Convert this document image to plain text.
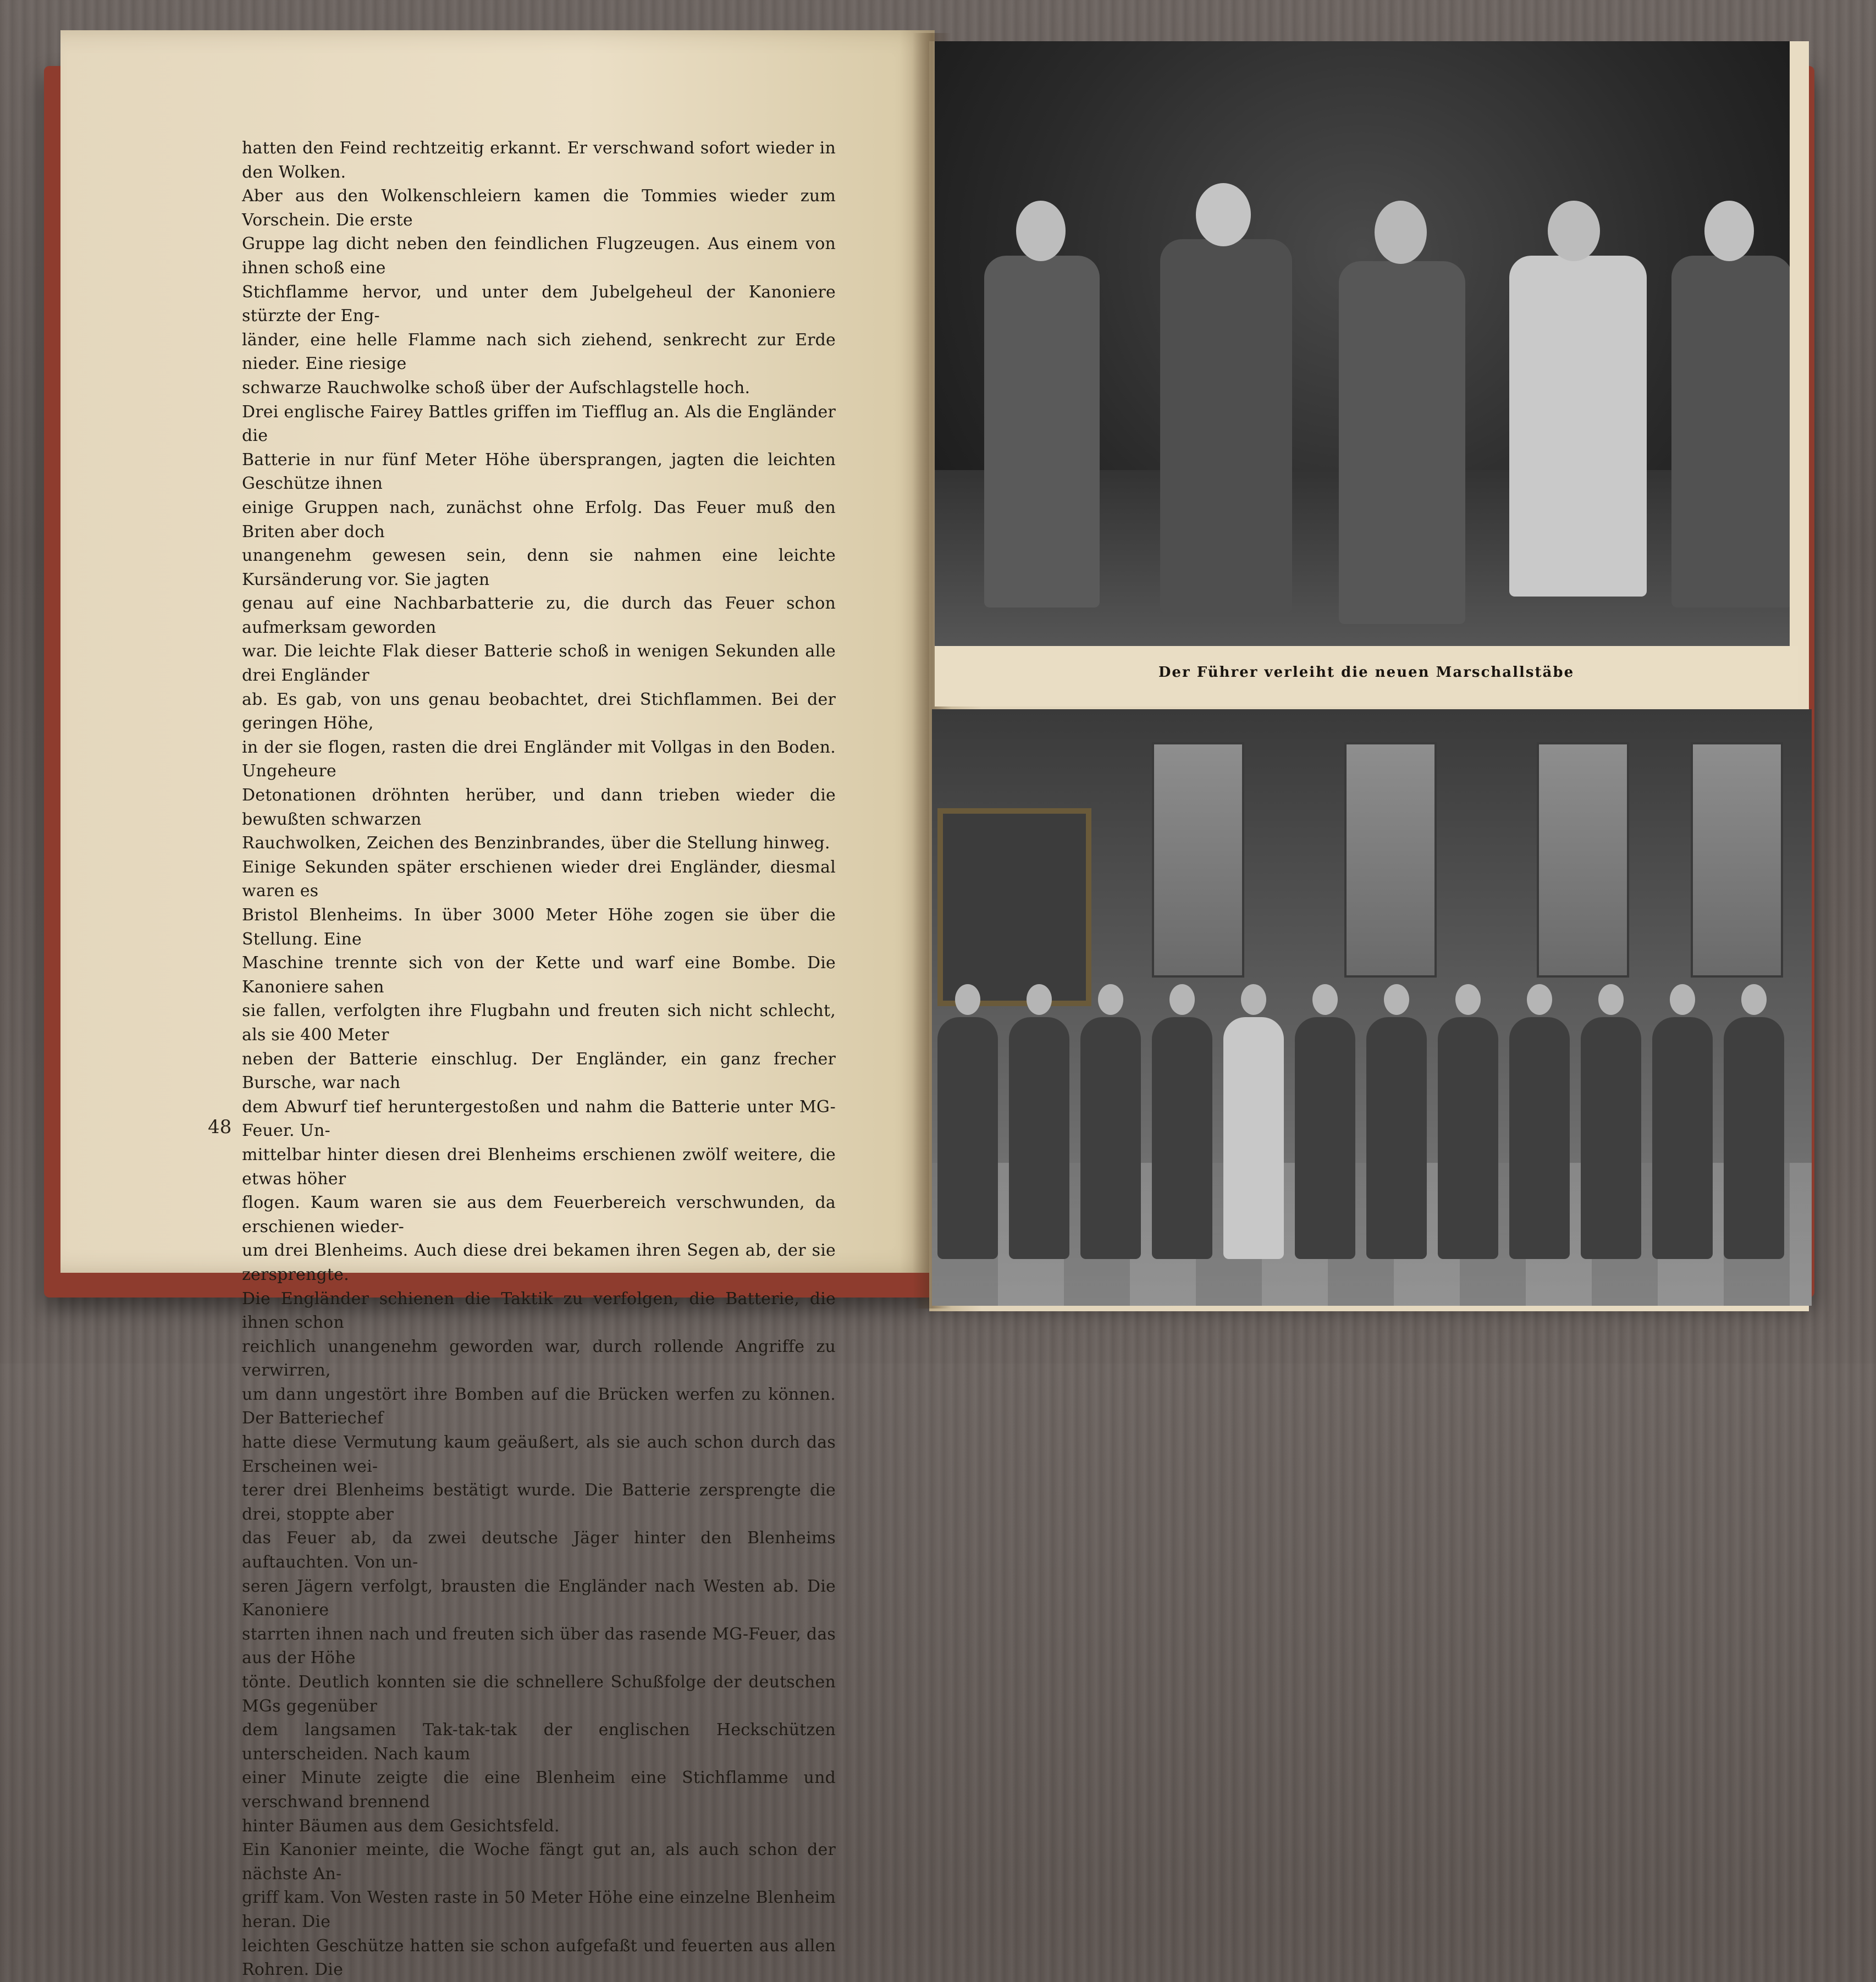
hatten den Feind rechtzeitig erkannt. Er verschwand sofort wieder in den Wolken.

Aber aus den Wolkenschleiern kamen die Tommies wieder zum Vorschein. Die erste

Gruppe lag dicht neben den feindlichen Flugzeugen. Aus einem von ihnen schoß eine

Stichflamme hervor, und unter dem Jubelgeheul der Kanoniere stürzte der Eng-

länder, eine helle Flamme nach sich ziehend, senkrecht zur Erde nieder. Eine riesige

schwarze Rauchwolke schoß über der Aufschlagstelle hoch.

Drei englische Fairey Battles griffen im Tiefflug an. Als die Engländer die

Batterie in nur fünf Meter Höhe übersprangen, jagten die leichten Geschütze ihnen

einige Gruppen nach, zunächst ohne Erfolg. Das Feuer muß den Briten aber doch

unangenehm gewesen sein, denn sie nahmen eine leichte Kursänderung vor. Sie jagten

genau auf eine Nachbarbatterie zu, die durch das Feuer schon aufmerksam geworden

war. Die leichte Flak dieser Batterie schoß in wenigen Sekunden alle drei Engländer

ab. Es gab, von uns genau beobachtet, drei Stichflammen. Bei der geringen Höhe,

in der sie flogen, rasten die drei Engländer mit Vollgas in den Boden. Ungeheure

Detonationen dröhnten herüber, und dann trieben wieder die bewußten schwarzen

Rauchwolken, Zeichen des Benzinbrandes, über die Stellung hinweg.

Einige Sekunden später erschienen wieder drei Engländer, diesmal waren es

Bristol Blenheims. In über 3000 Meter Höhe zogen sie über die Stellung. Eine

Maschine trennte sich von der Kette und warf eine Bombe. Die Kanoniere sahen

sie fallen, verfolgten ihre Flugbahn und freuten sich nicht schlecht, als sie 400 Meter

neben der Batterie einschlug. Der Engländer, ein ganz frecher Bursche, war nach

dem Abwurf tief heruntergestoßen und nahm die Batterie unter MG-Feuer. Un-

mittelbar hinter diesen drei Blenheims erschienen zwölf weitere, die etwas höher

flogen. Kaum waren sie aus dem Feuerbereich verschwunden, da erschienen wieder-

um drei Blenheims. Auch diese drei bekamen ihren Segen ab, der sie zersprengte.

Die Engländer schienen die Taktik zu verfolgen, die Batterie, die ihnen schon

reichlich unangenehm geworden war, durch rollende Angriffe zu verwirren,

um dann ungestört ihre Bomben auf die Brücken werfen zu können. Der Batteriechef

hatte diese Vermutung kaum geäußert, als sie auch schon durch das Erscheinen wei-

terer drei Blenheims bestätigt wurde. Die Batterie zersprengte die drei, stoppte aber

das Feuer ab, da zwei deutsche Jäger hinter den Blenheims auftauchten. Von un-

seren Jägern verfolgt, brausten die Engländer nach Westen ab. Die Kanoniere

starrten ihnen nach und freuten sich über das rasende MG-Feuer, das aus der Höhe

tönte. Deutlich konnten sie die schnellere Schußfolge der deutschen MGs gegenüber

dem langsamen Tak-tak-tak der englischen Heckschützen unterscheiden. Nach kaum

einer Minute zeigte die eine Blenheim eine Stichflamme und verschwand brennend

hinter Bäumen aus dem Gesichtsfeld.

Ein Kanonier meinte, die Woche fängt gut an, als auch schon der nächste An-

griff kam. Von Westen raste in 50 Meter Höhe eine einzelne Blenheim heran. Die

leichten Geschütze hatten sie schon aufgefaßt und feuerten aus allen Rohren. Die

48
Der Führer verleiht die neuen Marschallstäbe
